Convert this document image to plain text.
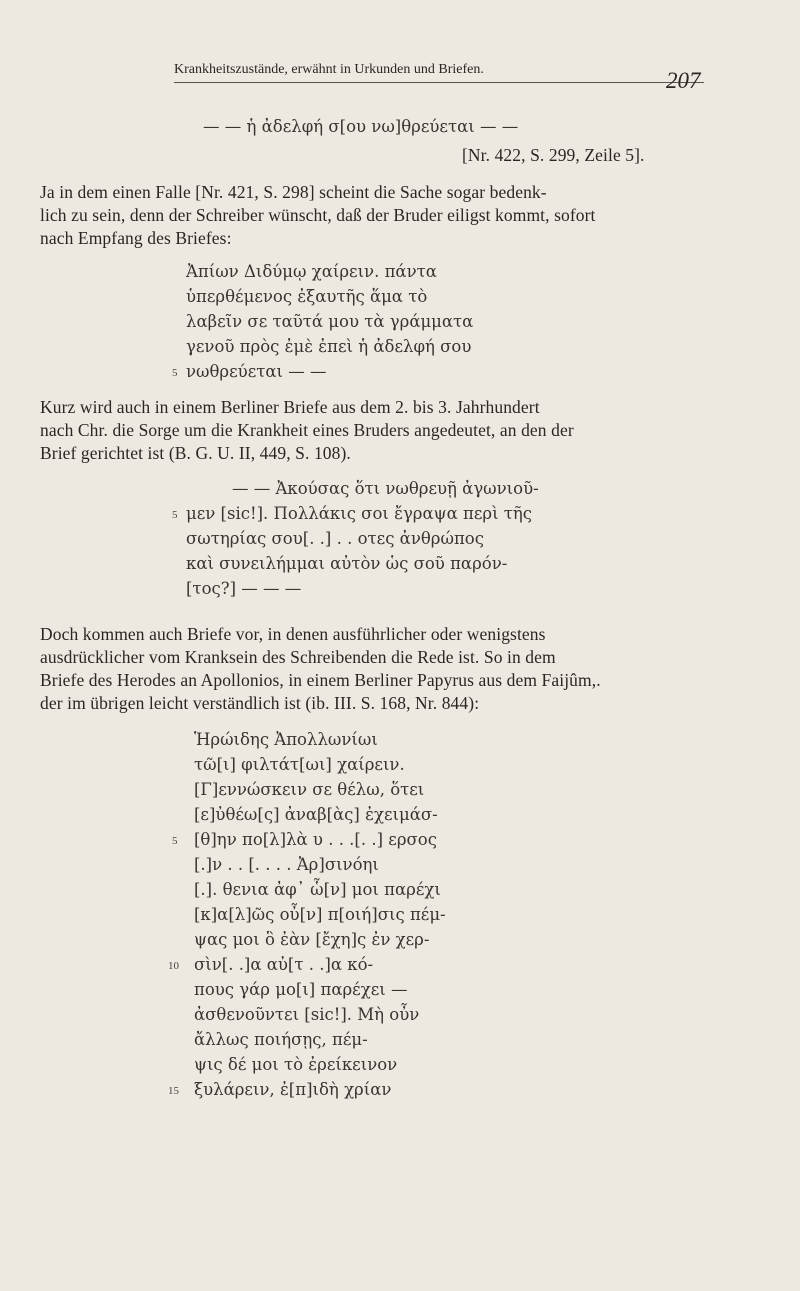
Krankheitszustände, erwähnt in Urkunden und Briefen.	207
— — ἡ ἀδελφή σ[ου νω]θρεύεται — —
[Nr. 422, S. 299, Zeile 5].
Ja in dem einen Falle [Nr. 421, S. 298] scheint die Sache sogar bedenk-
lich zu sein, denn der Schreiber wünscht, daß der Bruder eiligst kommt, sofort
nach Empfang des Briefes:
Ἀπίων Διδύμῳ χαίρειν. πάντα
ὑπερθέμενος ἐξαυτῆς ἅμα τὸ
λαβεῖν σε ταῦτά μου τὰ γράμματα
γενοῦ πρὸς ἐμὲ ἐπεὶ ἡ ἀδελφή σου
5 νωθρεύεται — —
Kurz wird auch in einem Berliner Briefe aus dem 2. bis 3. Jahrhundert
nach Chr. die Sorge um die Krankheit eines Bruders angedeutet, an den der
Brief gerichtet ist (B. G. U. II, 449, S. 108).
— — Ἀκούσας ὅτι νωθρευῇ ἀγωνιοῦ-
5 μεν [sic!]. Πολλάκις σοι ἔγραψα περὶ τῆς
σωτηρίας σου[. .] . . οτες ἀνθρώπος
καὶ συνειλήμμαι αὐτὸν ὡς σοῦ παρόν-
[τος?] — — —
Doch kommen auch Briefe vor, in denen ausführlicher oder wenigstens
ausdrücklicher vom Kranksein des Schreibenden die Rede ist. So in dem
Briefe des Herodes an Apollonios, in einem Berliner Papyrus aus dem Faijûm,.
der im übrigen leicht verständlich ist (ib. III. S. 168, Nr. 844):
Ἡρώιδης Ἀπολλωνίωι
τῶ[ι] φιλτάτ[ωι] χαίρειν.
[Γ]εννώσκειν σε θέλω, ὅτει
[ε]ὐθέω[ς] ἀναβ[ὰς] ἐχειμάσ-
5 [θ]ην πο[λ]λὰ υ . . .[. .] ερσος
[.]ν . . [. . . . Ἀρ]σινόηι
[.]. θενια ἀφ᾽ ὧ[ν] μοι παρέχι
[κ]α[λ]ῶς οὖ[ν] π[οιή]σις πέμ-
ψας μοι ὃ ἐὰν [ἔχη]ς ἐν χερ-
10 σὶν[. .]α αὐ[τ . .]α κό-
πους γάρ μο[ι] παρέχει —
ἀσθενοῦντει [sic!]. Μὴ οὖν
ἄλλως ποιήσῃς, πέμ-
ψις δέ μοι τὸ ἐρείκεινον
15 ξυλάρειν, ἐ[π]ιδὴ χρίαν
